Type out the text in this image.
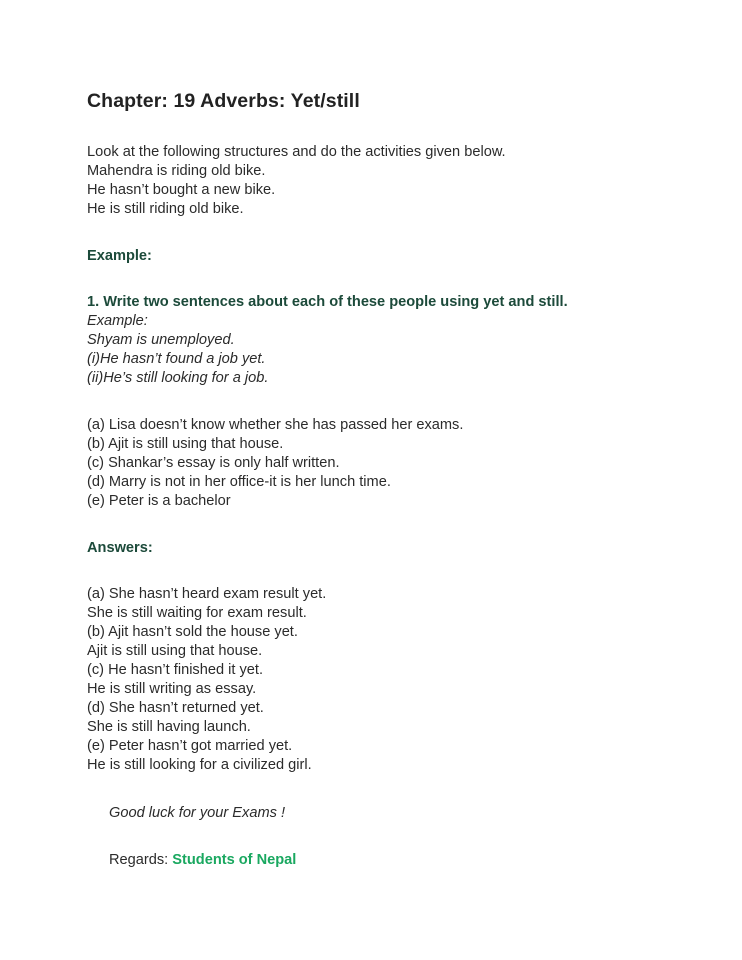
Chapter: 19 Adverbs: Yet/still
Look at the following structures and do the activities given below.
Mahendra is riding old bike.
He hasn’t bought a new bike.
He is still riding old bike.
Example:
1. Write two sentences about each of these people using yet and still.
Example:
Shyam is unemployed.
(i)He hasn’t found a job yet.
(ii)He’s still looking for a job.
(a) Lisa doesn’t know whether she has passed her exams.
(b) Ajit is still using that house.
(c) Shankar’s essay is only half written.
(d) Marry is not in her office-it is her lunch time.
(e) Peter is a bachelor
Answers:
(a) She hasn’t heard exam result yet.
She is still waiting for exam result.
(b) Ajit hasn’t sold the house yet.
Ajit is still using that house.
(c) He hasn’t finished it yet.
He is still writing as essay.
(d) She hasn’t returned yet.
She is still having launch.
(e) Peter hasn’t got married yet.
He is still looking for a civilized girl.
Good luck for your Exams !
Regards: Students of Nepal
